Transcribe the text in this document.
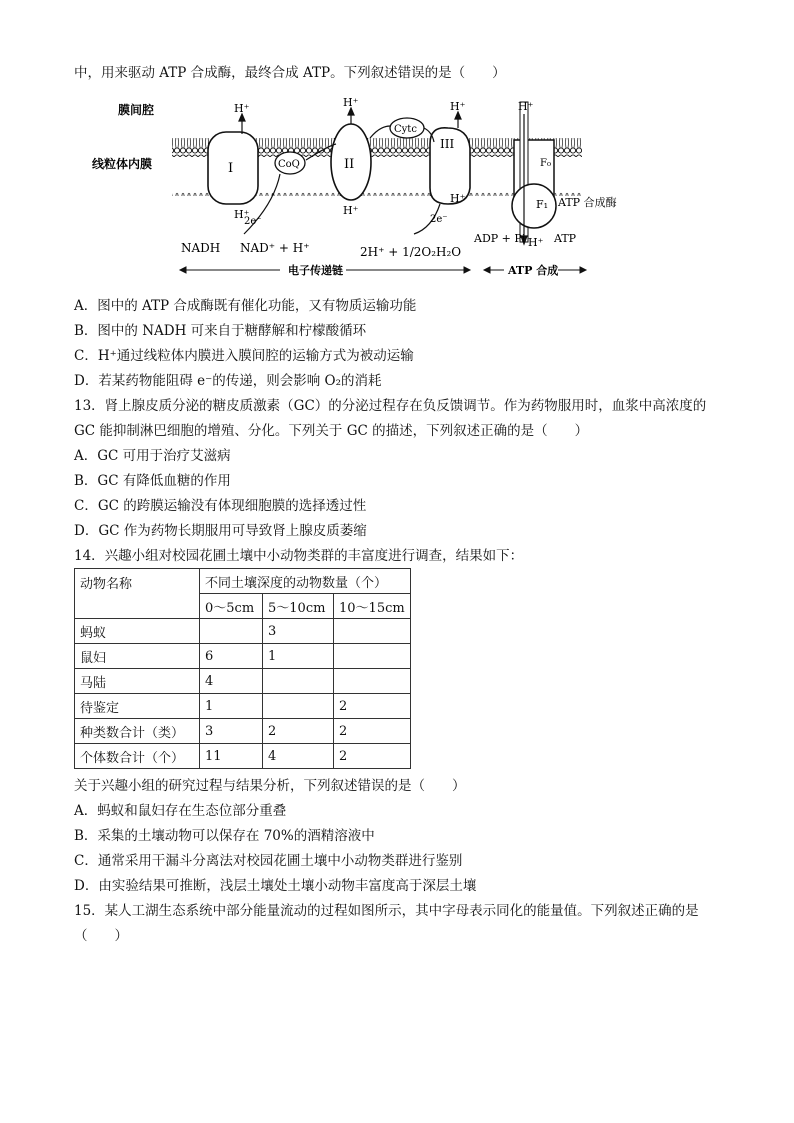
中，用来驱动 ATP 合成酶，最终合成 ATP。下列叙述错误的是（　　）
膜间腔
线粒体内膜	I	CoQ	II
Cytc
III
F₀
F₁ ATP 合成酶
H⁺	H⁺	H⁺	H⁺
H⁺	H⁺
H⁺
H⁺
2e⁻	2e⁻
NADH NAD⁺ + H⁺	2H⁺ + 1/2O₂ H₂O
ADP + Pi	ATP
电子传递链	ATP 合成
A．图中的 ATP 合成酶既有催化功能，又有物质运输功能
B．图中的 NADH 可来自于糖酵解和柠檬酸循环
C．H⁺通过线粒体内膜进入膜间腔的运输方式为被动运输
D．若某药物能阻碍 e⁻的传递，则会影响 O₂的消耗
13．肾上腺皮质分泌的糖皮质激素（GC）的分泌过程存在负反馈调节。作为药物服用时，血浆中高浓度的
GC 能抑制淋巴细胞的增殖、分化。下列关于 GC 的描述，下列叙述正确的是（　　）
A．GC 可用于治疗艾滋病
B．GC 有降低血糖的作用
C．GC 的跨膜运输没有体现细胞膜的选择透过性
D．GC 作为药物长期服用可导致肾上腺皮质萎缩
14．兴趣小组对校园花圃土壤中小动物类群的丰富度进行调查，结果如下：
动物名称	不同土壤深度的动物数量（个）		
	0～5cm	5～10cm	10～15cm
蚂蚁		3	
鼠妇	6	1	
马陆	4		
待鉴定	1		2
种类数合计（类）	3	2	2
个体数合计（个）	11	4	2
关于兴趣小组的研究过程与结果分析，下列叙述错误的是（　　）
A．蚂蚁和鼠妇存在生态位部分重叠
B．采集的土壤动物可以保存在 70%的酒精溶液中
C．通常采用干漏斗分离法对校园花圃土壤中小动物类群进行鉴别
D．由实验结果可推断，浅层土壤处土壤小动物丰富度高于深层土壤
15．某人工湖生态系统中部分能量流动的过程如图所示，其中字母表示同化的能量值。下列叙述正确的是
（　　）
